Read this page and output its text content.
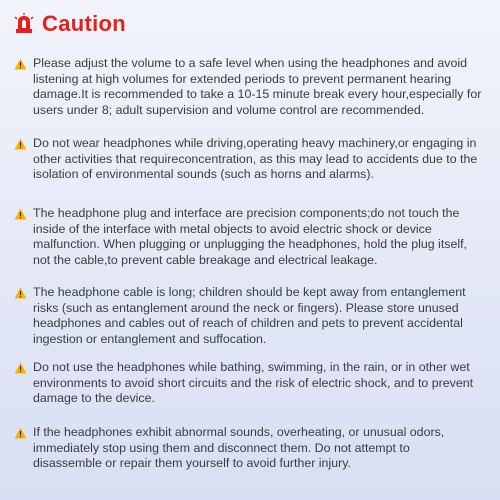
Caution

Please adjust the volume to a safe level when using the headphones and avoid listening at high volumes for extended periods to prevent permanent hearing damage.It is recommended to take a 10-15 minute break every hour,especially for users under 8; adult supervision and volume control are recommended.

Do not wear headphones while driving,operating heavy machinery,or engaging in other activities that requireconcentration, as this may lead to accidents due to the isolation of environmental sounds (such as horns and alarms).

The headphone plug and interface are precision components;do not touch the inside of the interface with metal objects to avoid electric shock or device malfunction. When plugging or unplugging the headphones, hold the plug itself, not the cable,to prevent cable breakage and electrical leakage.

The headphone cable is long; children should be kept away from entanglement risks (such as entanglement around the neck or fingers). Please store unused headphones and cables out of reach of children and pets to prevent accidental ingestion or entanglement and suffocation.

Do not use the headphones while bathing, swimming, in the rain, or in other wet environments to avoid short circuits and the risk of electric shock, and to prevent damage to the device.

If the headphones exhibit abnormal sounds, overheating, or unusual odors, immediately stop using them and disconnect them. Do not attempt to disassemble or repair them yourself to avoid further injury.
